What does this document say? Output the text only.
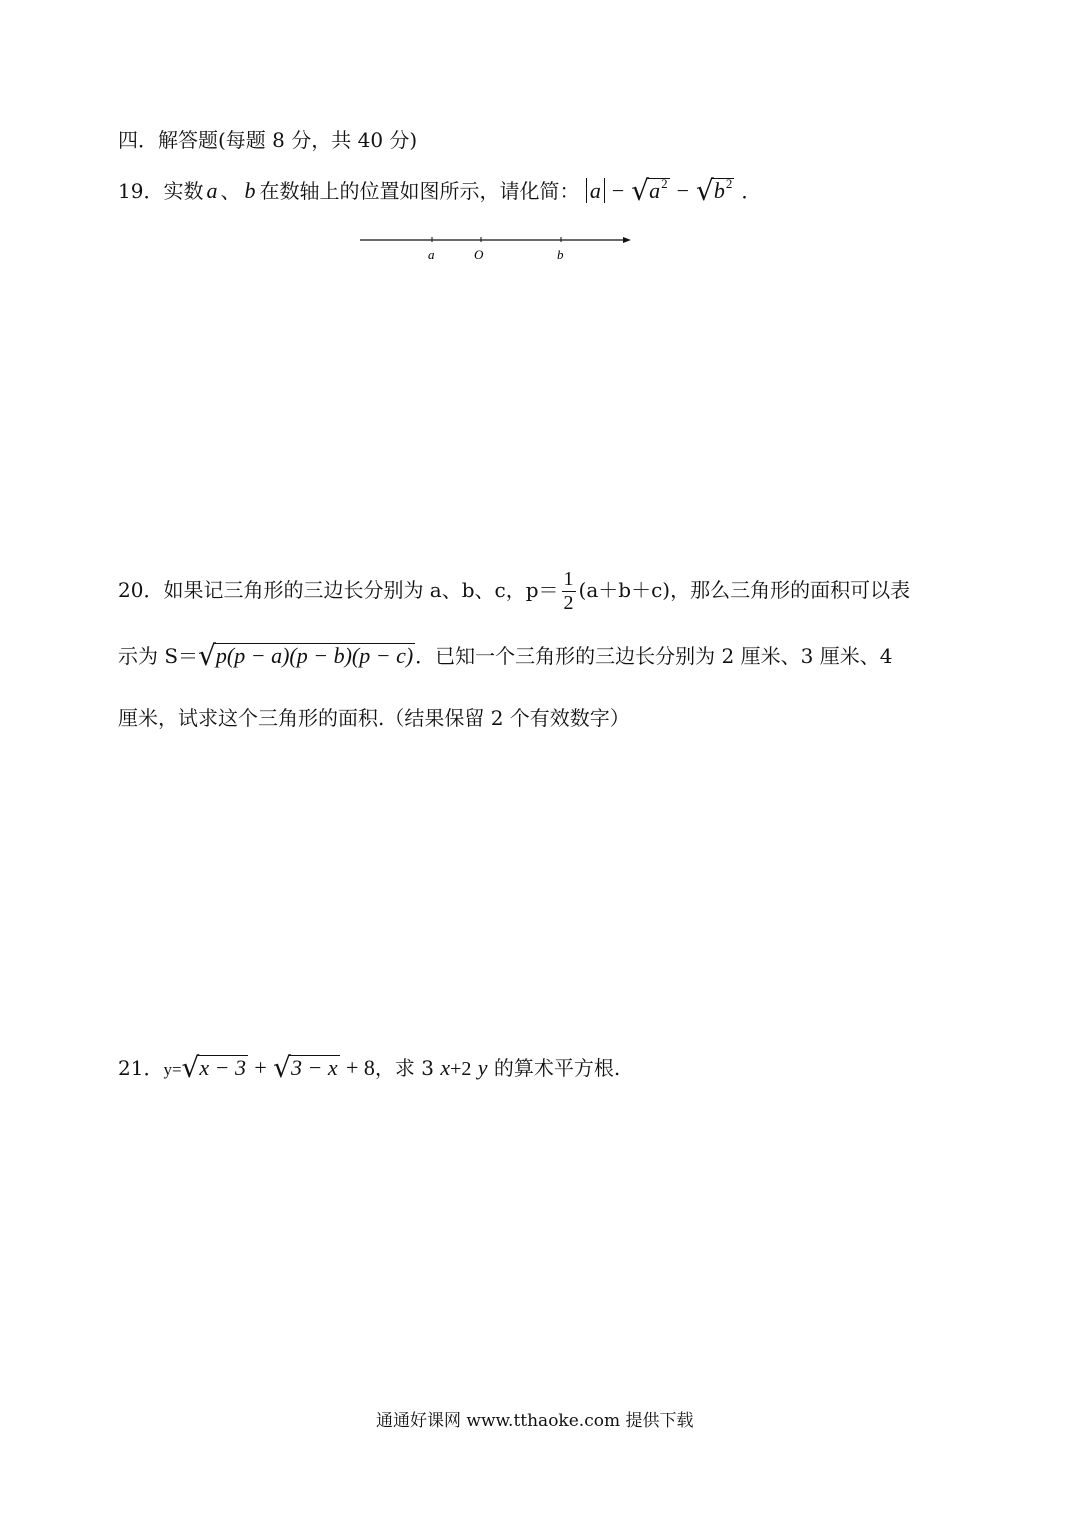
四．解答题(每题 8 分，共 40 分)
19．实数 a 、 b 在数轴上的位置如图所示，请化简： $a - √a^2 - √b^2$ ．
a	O	b
20．如果记三角形的三边长分别为 a、b、c，$p= \frac{1}{2} (a+b+c)$，那么三角形的面积可以表
示为 S＝√p(p − a)(p − b)(p − c) ．已知一个三角形的三边长分别为 2 厘米、3 厘米、4
厘米，试求这个三角形的面积.（结果保留 2 个有效数字）
21．y=√x − 3 + √3 − x + 8，求 3 x+2 y 的算术平方根.
通通好课网 www.tthaoke.com 提供下载
